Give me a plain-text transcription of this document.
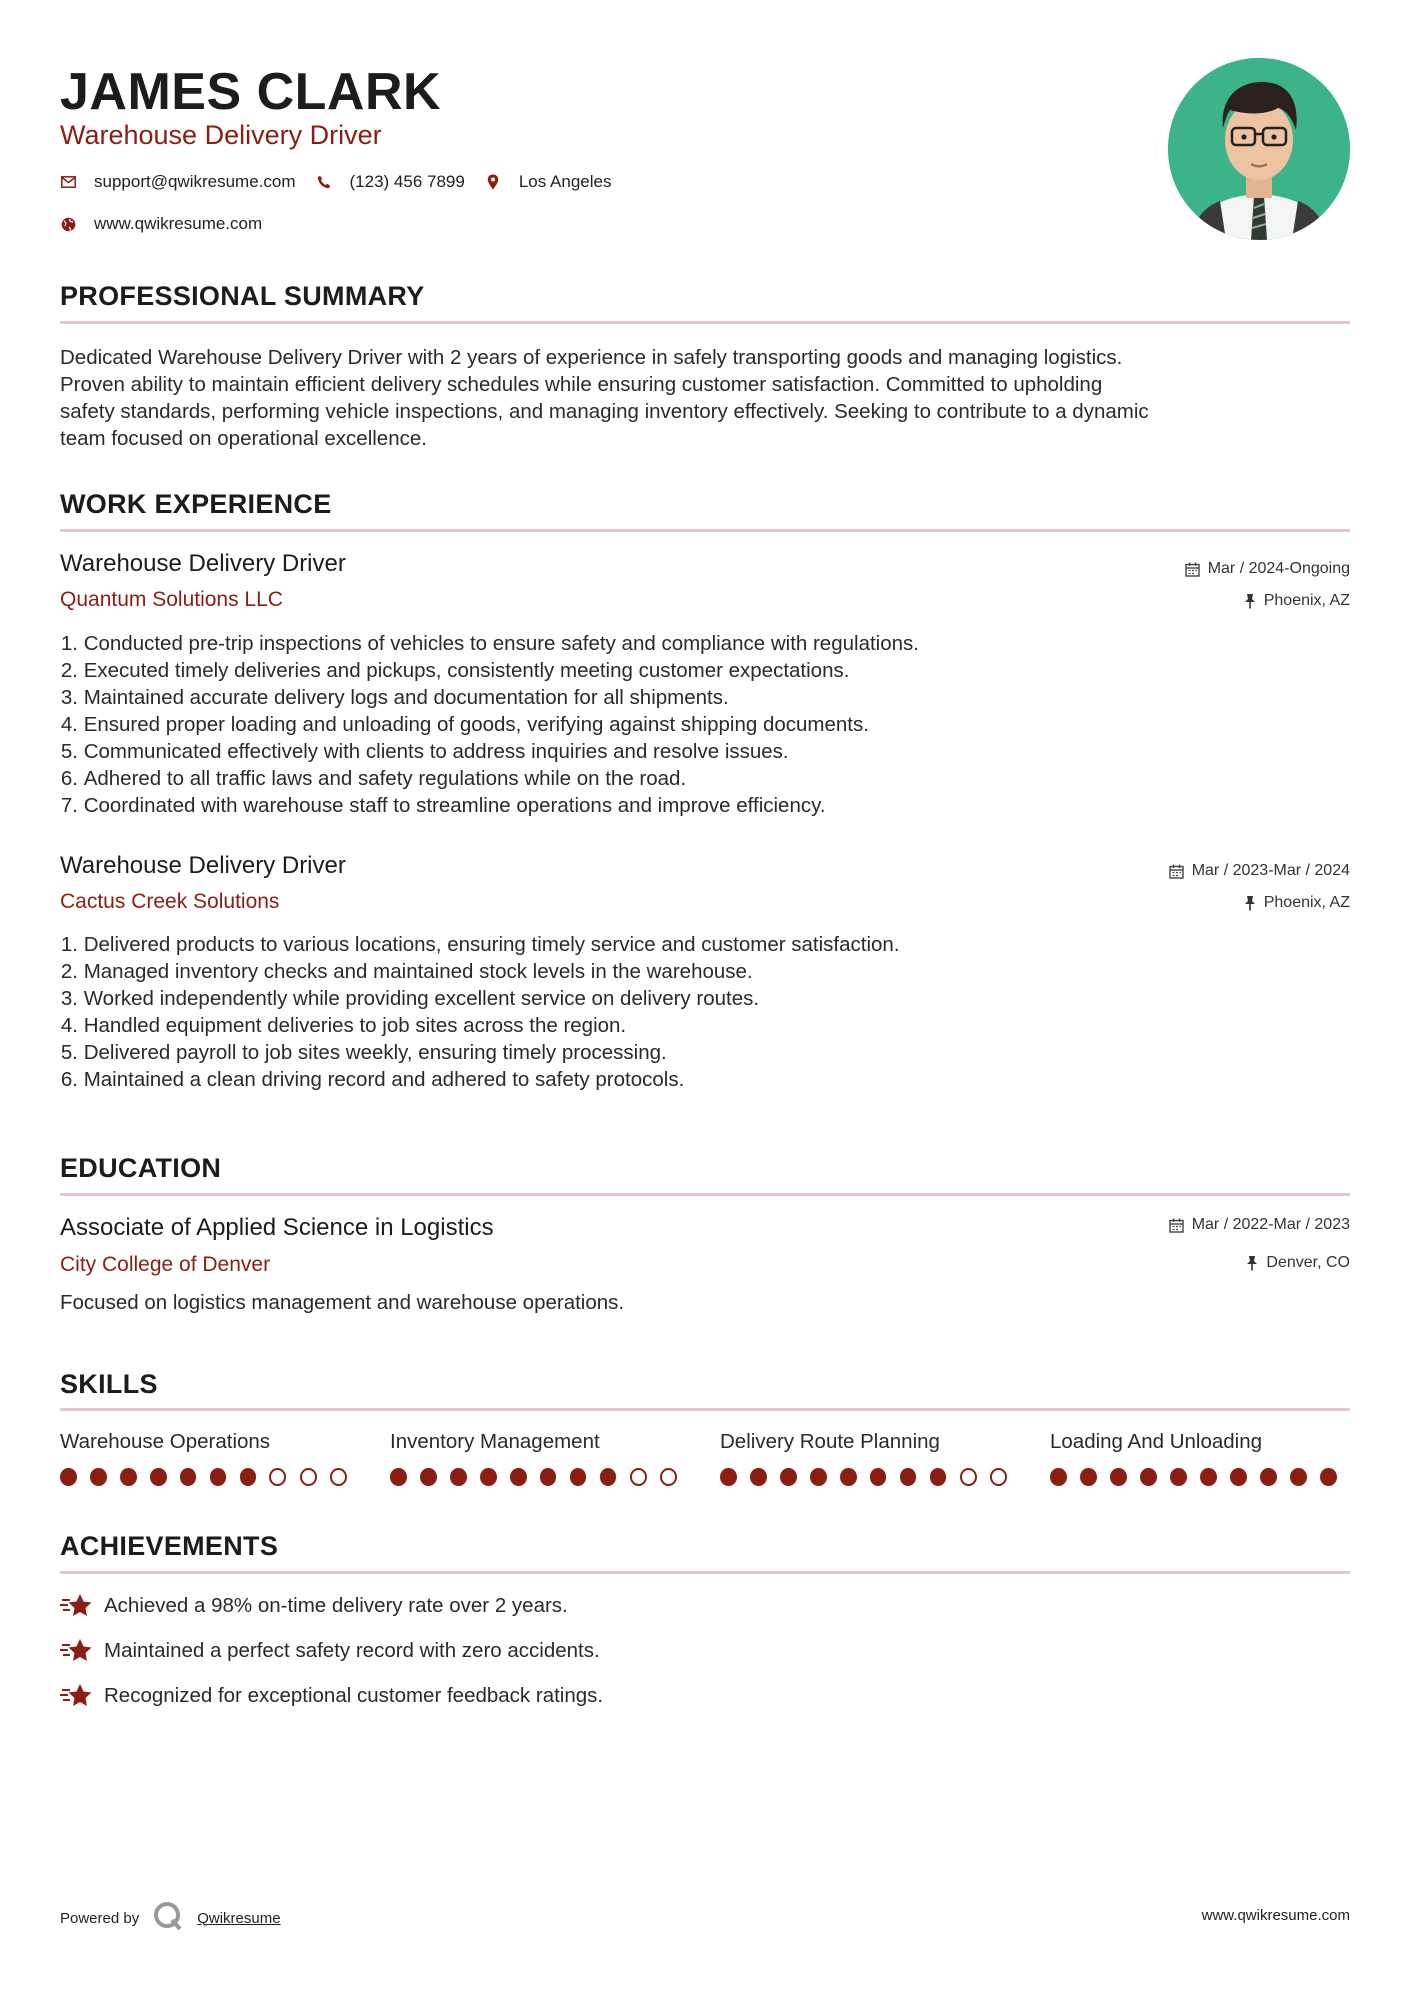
JAMES CLARK
Warehouse Delivery Driver
support@qwikresume.com	(123) 456 7899	Los Angeles
www.qwikresume.com
PROFESSIONAL SUMMARY
Dedicated Warehouse Delivery Driver with 2 years of experience in safely transporting goods and managing logistics.
Proven ability to maintain efficient delivery schedules while ensuring customer satisfaction. Committed to upholding
safety standards, performing vehicle inspections, and managing inventory effectively. Seeking to contribute to a dynamic
team focused on operational excellence.
WORK EXPERIENCE
Warehouse Delivery Driver
Quantum Solutions LLC
Mar / 2024-Ongoing
Phoenix, AZ
1.
Conducted pre-trip inspections of vehicles to ensure safety and compliance with regulations.
2.
Executed timely deliveries and pickups, consistently meeting customer expectations.
3.
Maintained accurate delivery logs and documentation for all shipments.
4.
Ensured proper loading and unloading of goods, verifying against shipping documents.
5.
Communicated effectively with clients to address inquiries and resolve issues.
6.
Adhered to all traffic laws and safety regulations while on the road.
7.
Coordinated with warehouse staff to streamline operations and improve efficiency.
Warehouse Delivery Driver
Cactus Creek Solutions
Mar / 2023-Mar / 2024
Phoenix, AZ
1.
Delivered products to various locations, ensuring timely service and customer satisfaction.
2.
Managed inventory checks and maintained stock levels in the warehouse.
3.
Worked independently while providing excellent service on delivery routes.
4.
Handled equipment deliveries to job sites across the region.
5.
Delivered payroll to job sites weekly, ensuring timely processing.
6.
Maintained a clean driving record and adhered to safety protocols.
EDUCATION
Associate of Applied Science in Logistics
City College of Denver
Mar / 2022-Mar / 2023
Denver, CO
Focused on logistics management and warehouse operations.
SKILLS
Warehouse Operations	Inventory Management	Delivery Route Planning	Loading And Unloading
ACHIEVEMENTS
Achieved a 98% on-time delivery rate over 2 years.
Maintained a perfect safety record with zero accidents.
Recognized for exceptional customer feedback ratings.
Powered by	Qwikresume	www.qwikresume.com
